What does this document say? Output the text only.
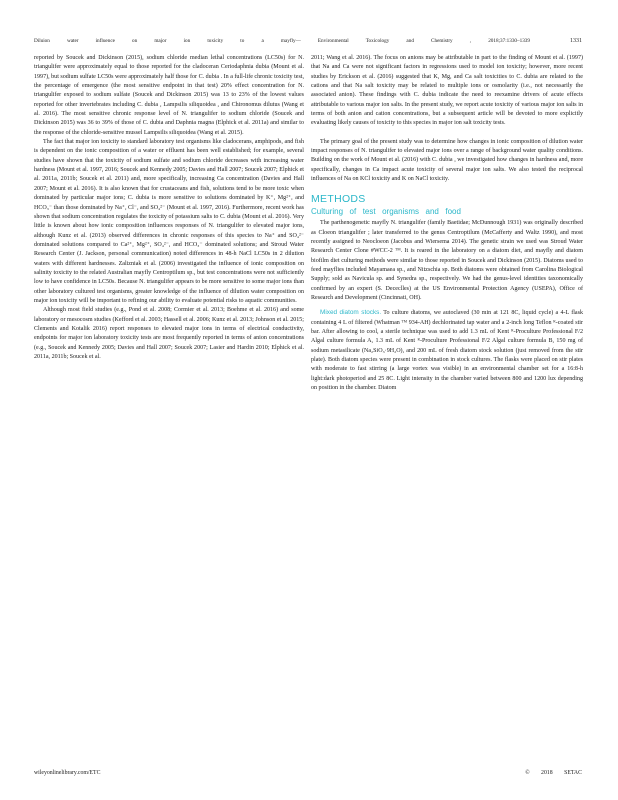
Diluion water influence on major ion toxicity to a mayfly— Environmental Toxicology and Chemistry , 2018;37:1330–1339	1331

reported by Soucek and Dickinson (2015), sodium chloride median lethal concentrations (LC50s) for N. triangulifer were approximately equal to those reported for the cladoceran Ceriodaphnia dubia (Mount et al. 1997), but sodium sulfate LC50s were approximately half those for C. dubia . In a full-life chronic toxicity test, the percentage of emergence (the most sensitive endpoint in that test) 20% effect concentration for N. triangulifer exposed to sodium sulfate (Soucek and Dickinson 2015) was 13 to 23% of the lowest values reported for other invertebrates including C. dubia , Lampsilis siliquoidea , and Chironomus dilutus (Wang et al. 2016). The most sensitive chronic response level of N. triangulifer to sodium chloride (Soucek and Dickinson 2015) was 36 to 39% of those of C. dubia and Daphnia magna (Elphick et al. 2011a) and similar to the response of the chloride-sensitive mussel Lampsilis siliquoidea (Wang et al. 2015).

The fact that major ion toxicity to standard laboratory test organisms like cladocerans, amphipods, and fish is dependent on the ionic composition of a water or effluent has been well established; for example, several studies have shown that the toxicity of sodium sulfate and sodium chloride decreases with increasing water hardness (Mount et al. 1997, 2016; Soucek and Kennedy 2005; Davies and Hall 2007; Soucek 2007; Elphick et al. 2011a, 2011b; Soucek et al. 2011) and, more specifically, increasing Ca concentration (Davies and Hall 2007; Mount et al. 2016). It is also known that for crustaceans and fish, solutions tend to be more toxic when dominated by particular major ions; C. dubia is more sensitive to solutions dominated by K⁺, Mg²⁺, and HCO₃⁻ than those dominated by Na⁺, Cl⁻, and SO₄²⁻ (Mount et al. 1997, 2016). Furthermore, recent work has shown that sodium concentration regulates the toxicity of potassium salts to C. dubia (Mount et al. 2016). Very little is known about how ionic composition influences responses of N. triangulifer to elevated major ions, although Kunz et al. (2013) observed differences in chronic responses of this species to Na⁺ and SO₄²⁻ dominated solutions compared to Ca²⁺, Mg²⁺, SO₄²⁻, and HCO₃⁻ dominated solutions; and Stroud Water Research Center (J. Jackson, personal communication) noted differences in 48-h NaCl LC50s in 2 dilution waters with different hardnesses. Zalizniak et al. (2006) investigated the influence of ionic composition on salinity toxicity to the related Australian mayfly Centroptilum sp., but test concentrations were not sufficiently low to have confidence in LC50s. Because N. triangulifer appears to be more sensitive to some major ions than other laboratory cultured test organisms, greater knowledge of the influence of dilution water composition on major ion toxicity will be important to refining our ability to evaluate potential risks to aquatic communities.

Although most field studies (e.g., Pond et al. 2008; Cormier et al. 2013; Boehme et al. 2016) and some laboratory or mesocosm studies (Kefford et al. 2003; Hassell et al. 2006; Kunz et al. 2013; Johnson et al. 2015; Clements and Kotalik 2016) report responses to elevated major ions in terms of electrical conductivity, endpoints for major ion laboratory toxicity tests are most frequently reported in terms of anion concentrations (e.g., Soucek and Kennedy 2005; Davies and Hall 2007; Soucek 2007; Lasier and Hardin 2010; Elphick et al. 2011a, 2011b; Soucek et al.

2011; Wang et al. 2016). The focus on anions may be attributable in part to the finding of Mount et al. (1997) that Na and Ca were not significant factors in regressions used to model ion toxicity; however, more recent studies by Erickson et al. (2016) suggested that K, Mg, and Ca salt toxicities to C. dubia are related to the cations and that Na salt toxicity may be related to multiple ions or osmolarity (i.e., not necessarily the associated anion). These findings with C. dubia indicate the need to reexamine drivers of acute effects attributable to various major ion salts. In the present study, we report acute toxicity of various major ion salts in terms of both anion and cation concentrations, but a subsequent article will be devoted to more explicitly evaluating likely causes of toxicity to this species in major ion salt toxicity tests.

The primary goal of the present study was to determine how changes in ionic composition of dilution water impact responses of N. triangulifer to elevated major ions over a range of background water quality conditions. Building on the work of Mount et al. (2016) with C. dubia , we investigated how changes in hardness and, more specifically, changes in Ca impact acute toxicity of several major ion salts. We also tested the reciprocal influences of Na on KCl toxicity and K on NaCl toxicity.

METHODS
Culturing of test organisms and food

The parthenogenetic mayfly N. triangulifer (family Baetidae; McDunnough 1931) was originally described as Cloeon triangulifer ; later transferred to the genus Centroptilum (McCafferty and Waltz 1990), and most recently assigned to Neocloeon (Jacobus and Wiersema 2014). The genetic strain we used was Stroud Water Research Center Clone #WCC-2 ᵀᴹ. It is reared in the laboratory on a diatom diet, and mayfly and diatom biofilm diet culturing methods were similar to those reported in Soucek and Dickinson (2015). Diatoms used to feed mayflies included Mayamaea sp., and Nitzschia sp. Both diatoms were obtained from Carolina Biological Supply; sold as Navicula sp. and Synedra sp., respectively. We had the genus-level identities taxonomically confirmed by an expert (S. Dececlles) at the US Environmental Protection Agency (USEPA), Office of Research and Development (Cincinnati, OH).

Mixed diatom stocks. To culture diatoms, we autoclaved (30 min at 121 8C, liquid cycle) a 4-L flask containing 4 L of filtered (Whatman ᵀᴹ 934-AH) dechlorinated tap water and a 2-inch long Teflon ᴿ-coated stir bar. After allowing to cool, a sterile technique was used to add 1.3 mL of Kent ᴿ-Proculture Professional F/2 Algal culture formula A, 1.3 mL of Kent ᴿ-Proculture Professional F/2 Algal culture formula B, 150 mg of sodium metasilicate (Na₂SiO₃·9H₂O), and 200 mL of fresh diatom stock solution (just removed from the stir plate). Both diatom species were present in combination in stock cultures. The flasks were placed on stir plates with moderate to fast stirring (a large vortex was visible) in an environmental chamber set for a 16:8-h light:dark photoperiod and 25 8C. Light intensity in the chamber varied between 800 and 1200 lux depending on position in the chamber. Diatom

wileyonlinelibrary.com/ETC	© 2018 SETAC
